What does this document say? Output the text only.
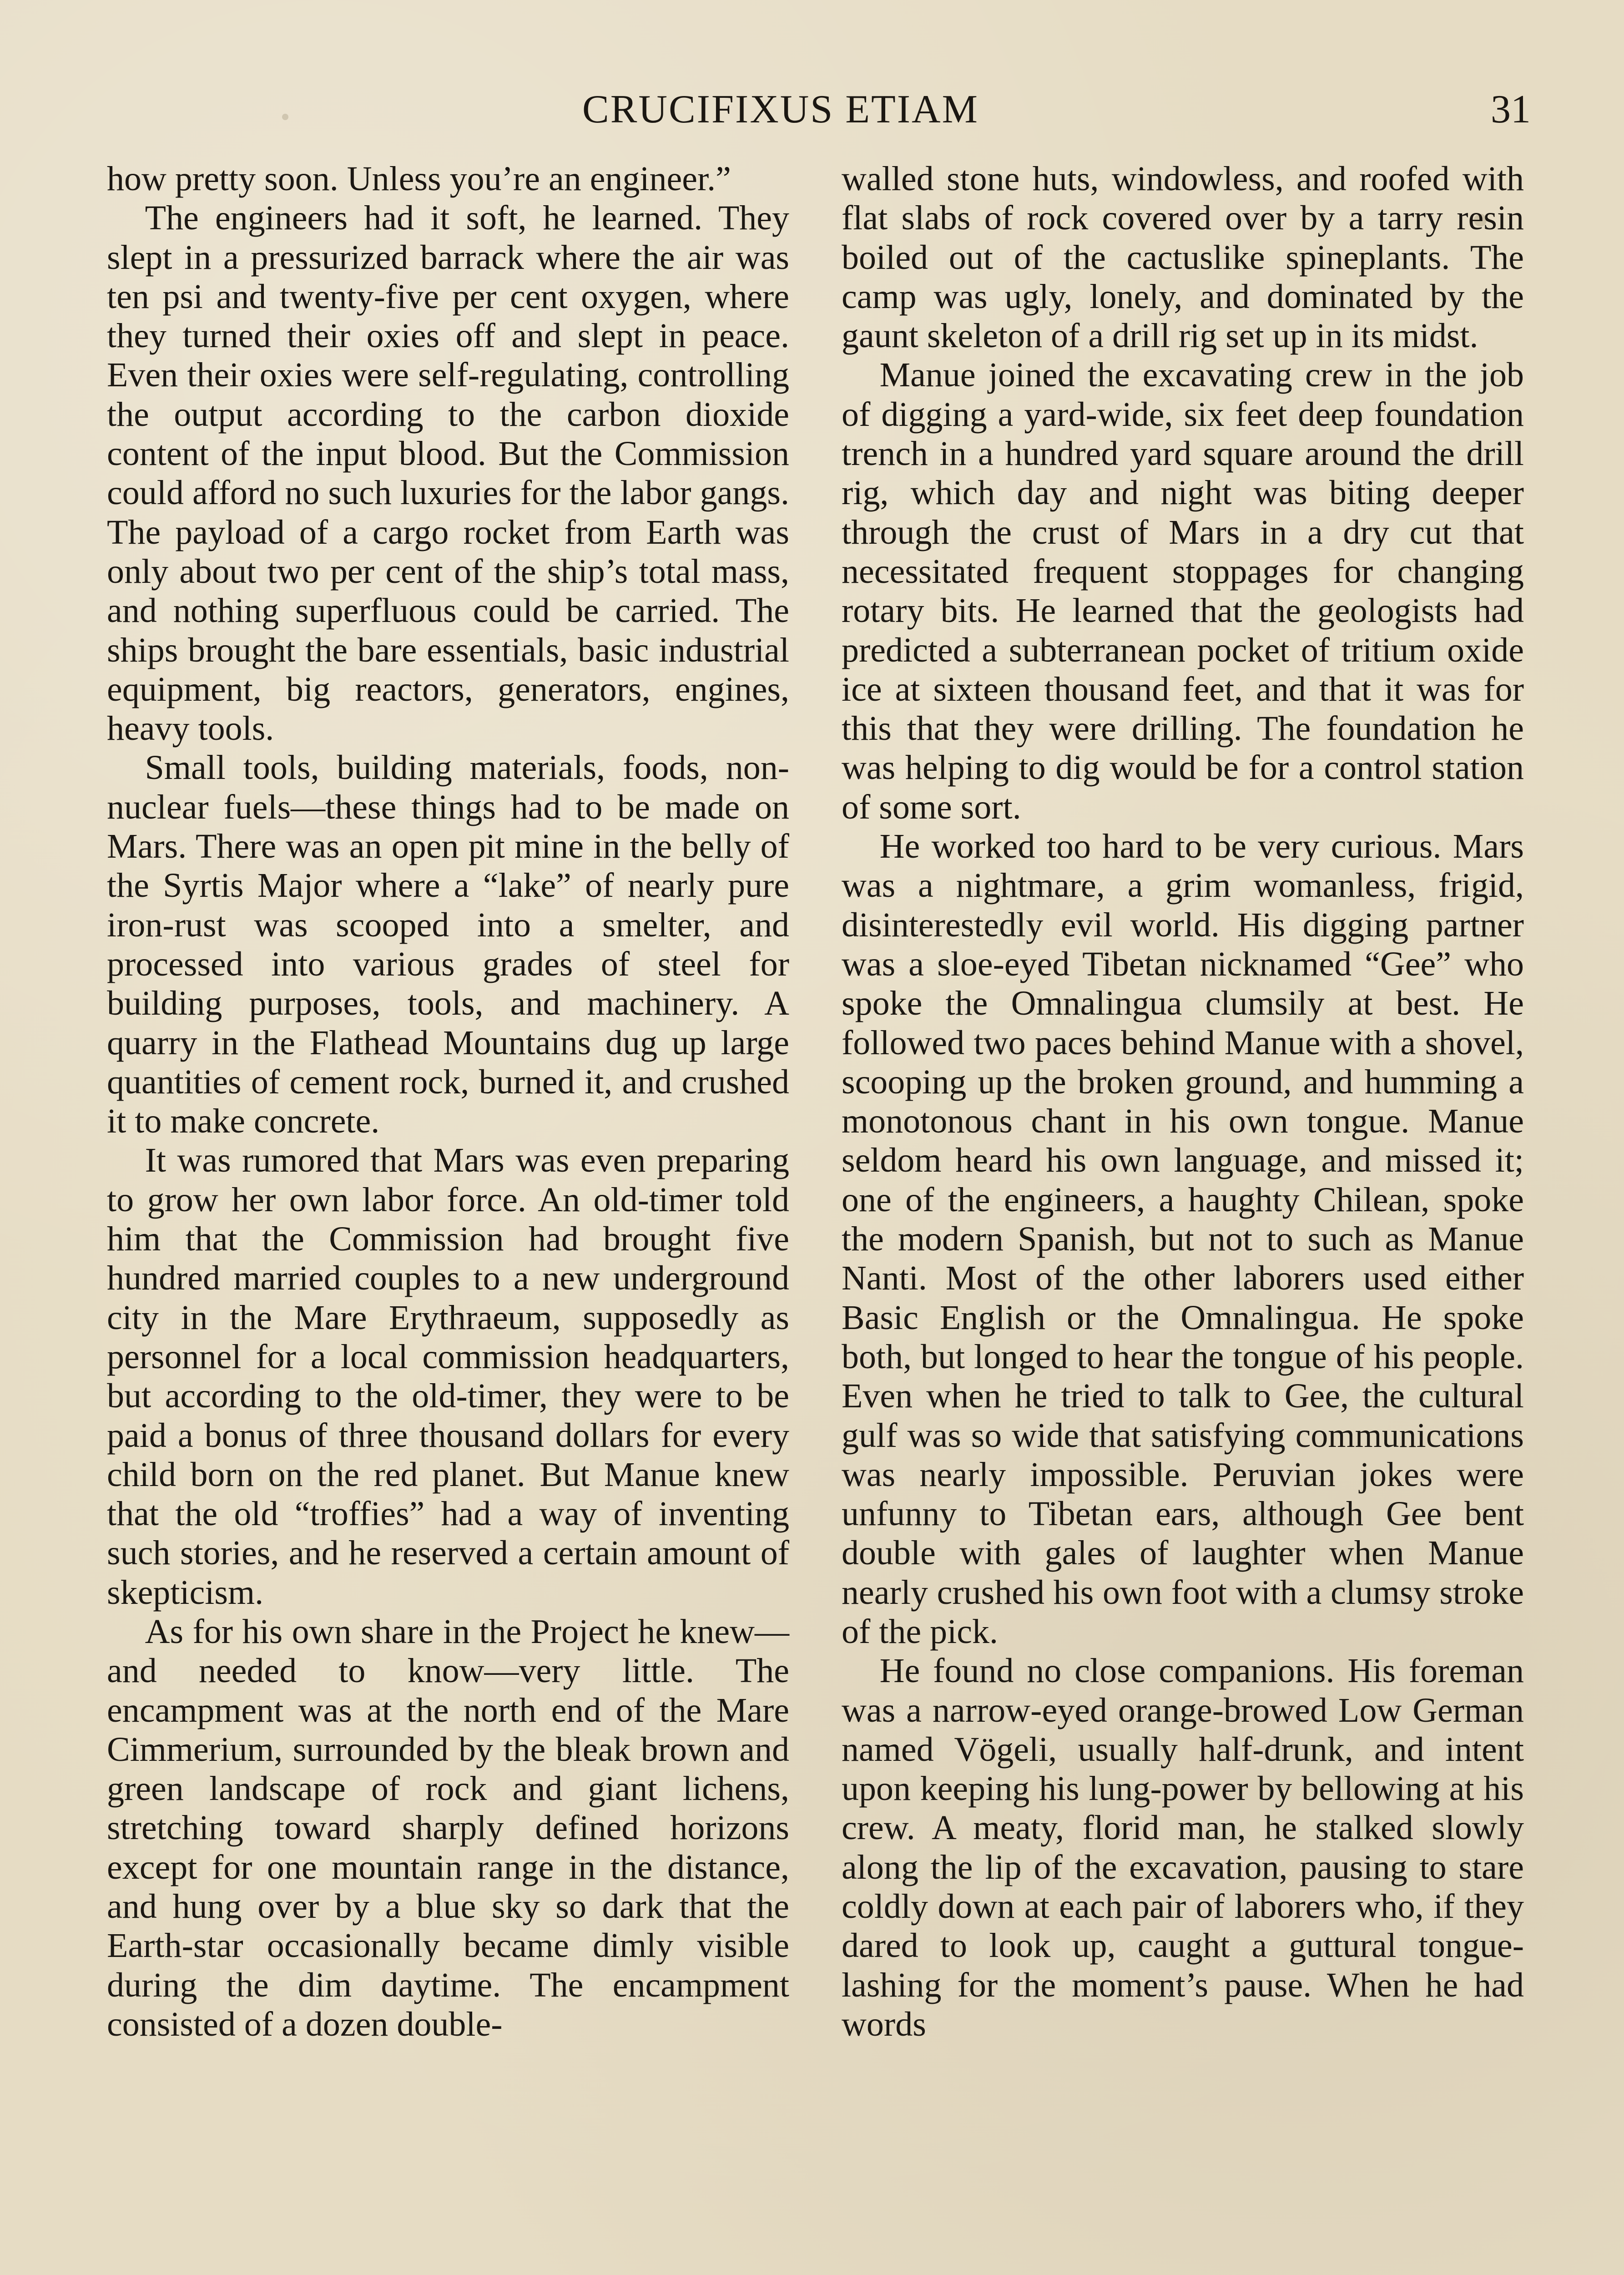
CRUCIFIXUS ETIAM	31

how pretty soon. Unless you’re an engineer.”

The engineers had it soft, he learned. They slept in a pressurized barrack where the air was ten psi and twenty-five per cent oxygen, where they turned their oxies off and slept in peace. Even their oxies were self-regulating, controlling the output according to the carbon dioxide content of the input blood. But the Commission could afford no such luxuries for the labor gangs. The payload of a cargo rocket from Earth was only about two per cent of the ship’s total mass, and nothing superfluous could be carried. The ships brought the bare essentials, basic industrial equipment, big reactors, generators, engines, heavy tools.

Small tools, building materials, foods, non-nuclear fuels—these things had to be made on Mars. There was an open pit mine in the belly of the Syrtis Major where a “lake” of nearly pure iron-rust was scooped into a smelter, and processed into various grades of steel for building purposes, tools, and machinery. A quarry in the Flathead Mountains dug up large quantities of cement rock, burned it, and crushed it to make concrete.

It was rumored that Mars was even preparing to grow her own labor force. An old-timer told him that the Commission had brought five hundred married couples to a new underground city in the Mare Erythraeum, supposedly as personnel for a local commission headquarters, but according to the old-timer, they were to be paid a bonus of three thousand dollars for every child born on the red planet. But Manue knew that the old “troffies” had a way of inventing such stories, and he reserved a certain amount of skepticism.

As for his own share in the Project he knew—and needed to know—very little. The encampment was at the north end of the Mare Cimmerium, surrounded by the bleak brown and green landscape of rock and giant lichens, stretching toward sharply defined horizons except for one mountain range in the distance, and hung over by a blue sky so dark that the Earth-star occasionally became dimly visible during the dim daytime. The encampment consisted of a dozen double-

walled stone huts, windowless, and roofed with flat slabs of rock covered over by a tarry resin boiled out of the cactuslike spineplants. The camp was ugly, lonely, and dominated by the gaunt skeleton of a drill rig set up in its midst.

Manue joined the excavating crew in the job of digging a yard-wide, six feet deep foundation trench in a hundred yard square around the drill rig, which day and night was biting deeper through the crust of Mars in a dry cut that necessitated frequent stoppages for changing rotary bits. He learned that the geologists had predicted a subterranean pocket of tritium oxide ice at sixteen thousand feet, and that it was for this that they were drilling. The foundation he was helping to dig would be for a control station of some sort.

He worked too hard to be very curious. Mars was a nightmare, a grim womanless, frigid, disinterestedly evil world. His digging partner was a sloe-eyed Tibetan nicknamed “Gee” who spoke the Omnalingua clumsily at best. He followed two paces behind Manue with a shovel, scooping up the broken ground, and humming a monotonous chant in his own tongue. Manue seldom heard his own language, and missed it; one of the engineers, a haughty Chilean, spoke the modern Spanish, but not to such as Manue Nanti. Most of the other laborers used either Basic English or the Omnalingua. He spoke both, but longed to hear the tongue of his people. Even when he tried to talk to Gee, the cultural gulf was so wide that satisfying communications was nearly impossible. Peruvian jokes were unfunny to Tibetan ears, although Gee bent double with gales of laughter when Manue nearly crushed his own foot with a clumsy stroke of the pick.

He found no close companions. His foreman was a narrow-eyed orange-browed Low German named Vögeli, usually half-drunk, and intent upon keeping his lung-power by bellowing at his crew. A meaty, florid man, he stalked slowly along the lip of the excavation, pausing to stare coldly down at each pair of laborers who, if they dared to look up, caught a guttural tongue-lashing for the moment’s pause. When he had words
